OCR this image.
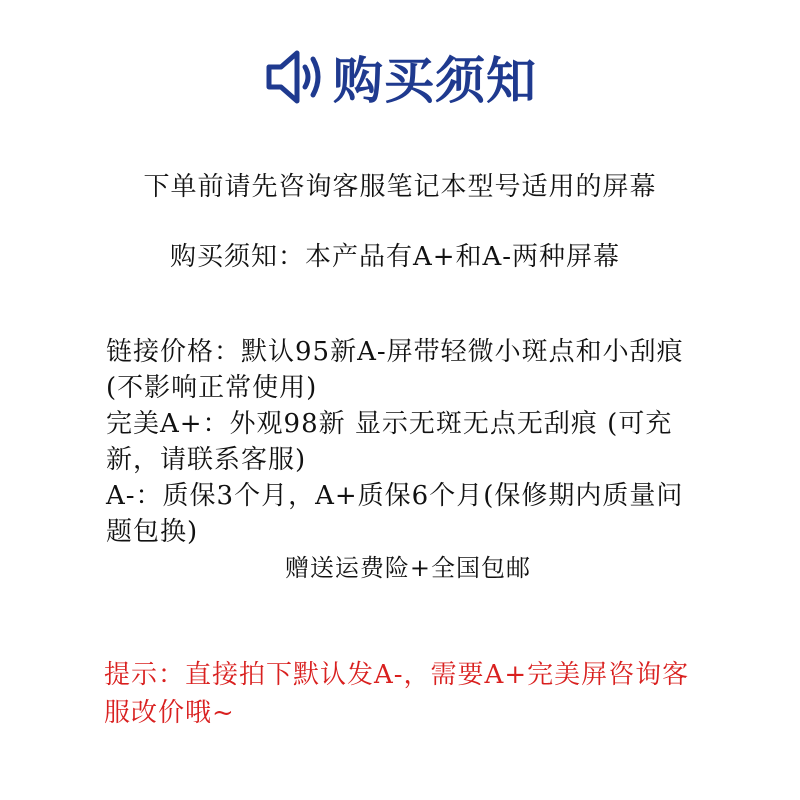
购买须知
下单前请先咨询客服笔记本型号适用的屏幕
购买须知：本产品有A+和A-两种屏幕

链接价格：默认95新A-屏带轻微小斑点和小刮痕(不影响正常使用)

完美A+：外观98新 显示无斑无点无刮痕 (可充新，请联系客服)

A-：质保3个月，A+质保6个月(保修期内质量问题包换)

赠送运费险+全国包邮
提示：直接拍下默认发A-，需要A+完美屏咨询客服改价哦~
